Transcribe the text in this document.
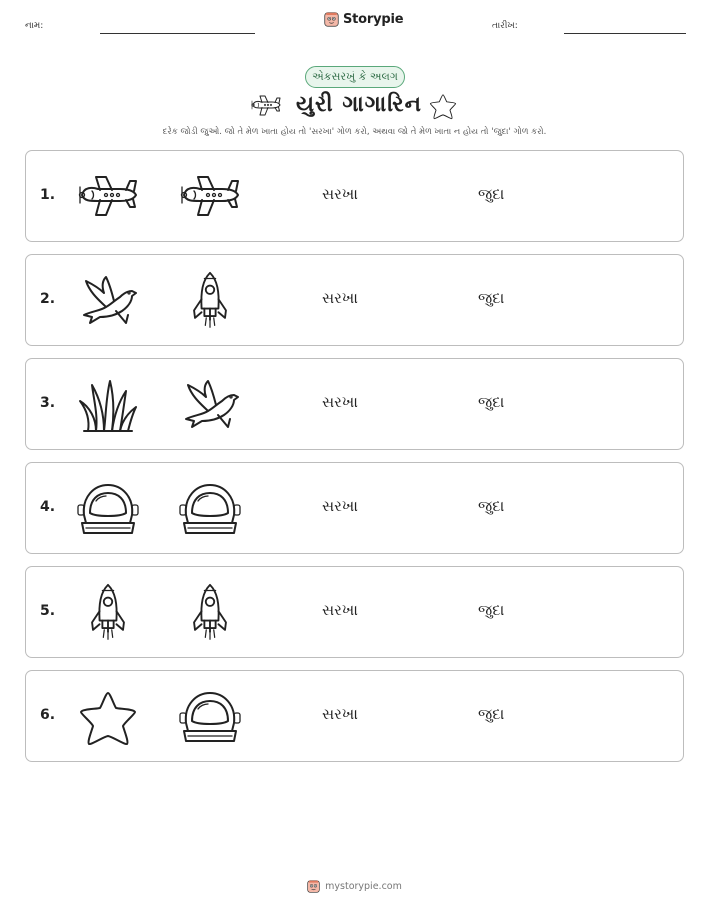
નામ:	Storypie	તારીખ:
એકસરખું કે અલગ
યુરી ગાગારિન
દરેક જોડી જુઓ. જો તે મેળ ખાતા હોય તો 'સરખા' ગોળ કરો, અથવા જો તે મેળ ખાતા ન હોય તો 'જુદા' ગોળ કરો.
1.	સરખા	જુદા
2.	સરખા	જુદા
3.	સરખા	જુદા
4.	સરખા	જુદા
5.	સરખા	જુદા
6.	સરખા	જુદા
mystorypie.com
